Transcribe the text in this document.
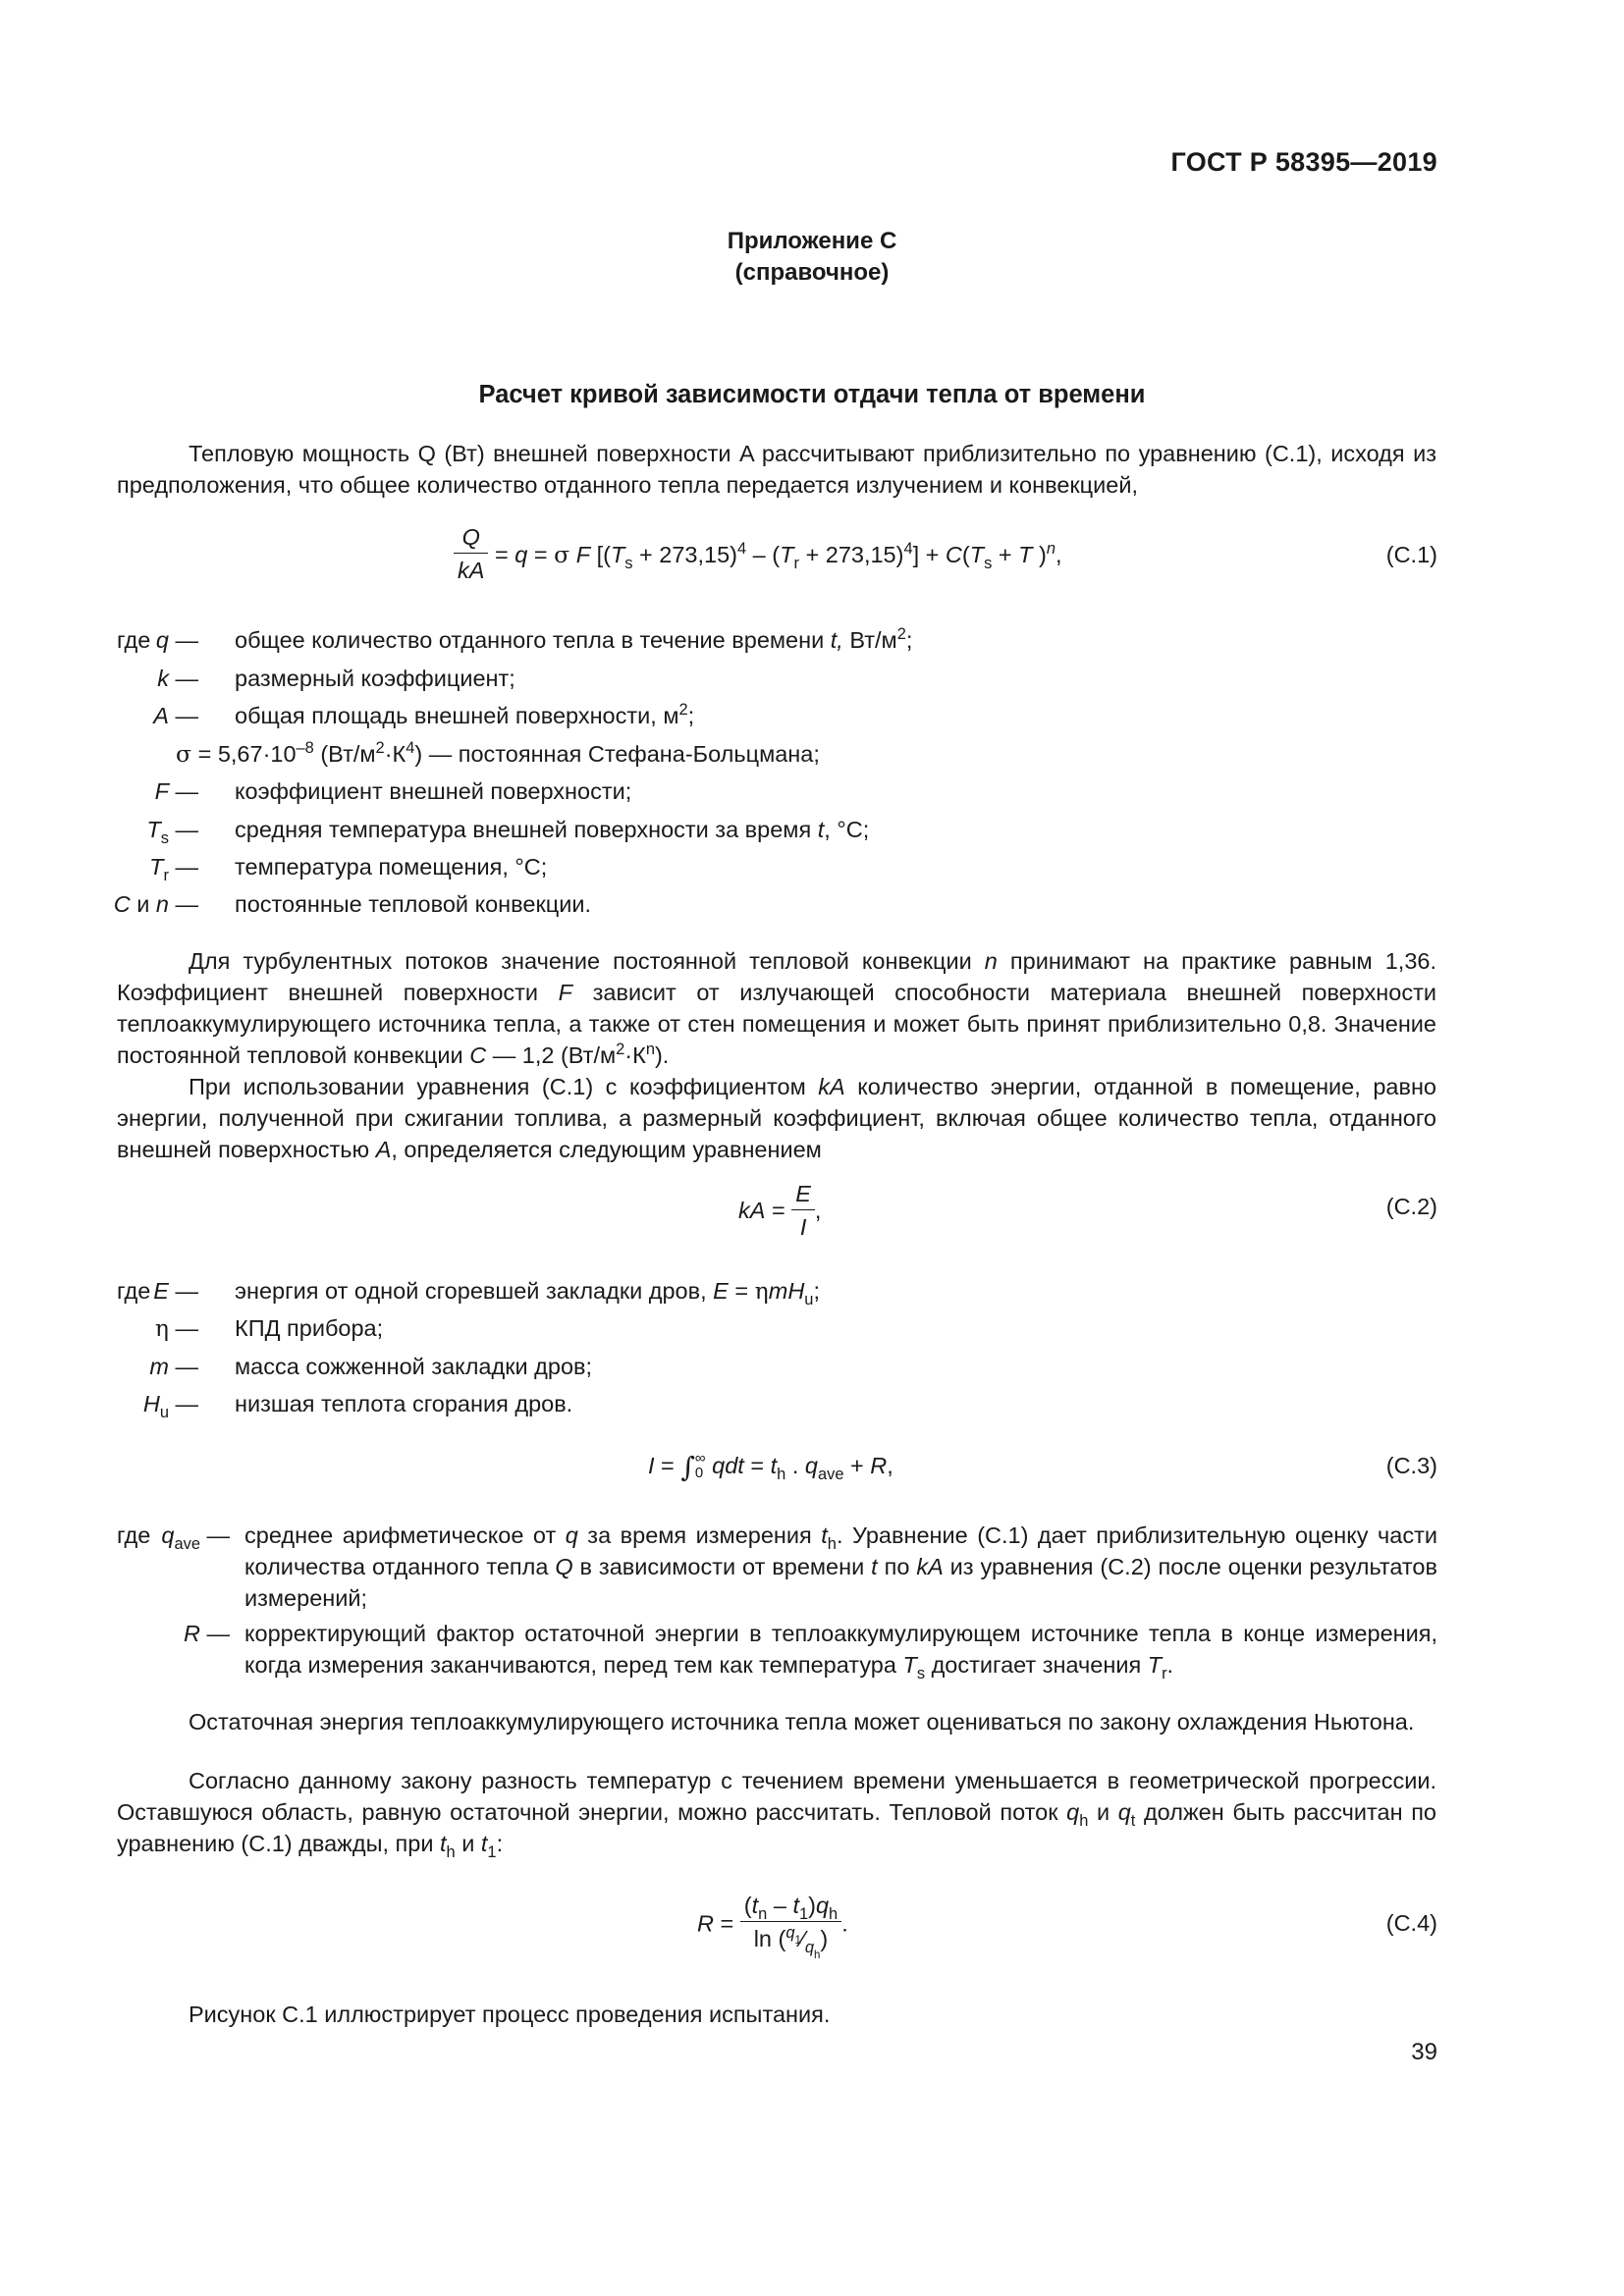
ГОСТ Р 58395—2019
Приложение С
(справочное)
Расчет кривой зависимости отдачи тепла от времени
Тепловую мощность Q (Вт) внешней поверхности A рассчитывают приблизительно по уравнению (С.1), исходя из предположения, что общее количество отданного тепла передается излучением и конвекцией,
$\frac{Q}{kA} = q = \sigma$ F $[(T_s + 273,15)^4 - (T_r + 273,15)^4] + C(T_s + T$ )$^n$,	(С.1)
где q — общее количество отданного тепла в течение времени t, $Вт/м^2$;
k — размерный коэффициент;
A — общая площадь внешней поверхности, $м^2$;
$\sigma = 5,67\cdot 10^{-8}$ $(Вт/м^2\cdot К^4)$ — постоянная Стефана-Больцмана;
F — коэффициент внешней поверхности;
$T_s$ — средняя температура внешней поверхности за время t, °С;
$T_r$ — температура помещения, °С;
C и n — постоянные тепловой конвекции.
Для турбулентных потоков значение постоянной тепловой конвекции n принимают на практике равным 1,36. Коэффициент внешней поверхности F зависит от излучающей способности материала внешней поверхности теплоаккумулирующего источника тепла, а также от стен помещения и может быть принят приблизительно 0,8. Значение постоянной тепловой конвекции C — 1,2 $(Вт/м^2\cdot К^n)$.
При использовании уравнения (С.1) с коэффициентом kA количество энергии, отданной в помещение, равно энергии, полученной при сжигании топлива, а размерный коэффициент, включая общее количество тепла, отданного внешней поверхностью A, определяется следующим уравнением
kA = $\frac{E}{I}$ ,	(С.2)
где E — энергия от одной сгоревшей закладки дров, E = ηmH$_u$;
η — КПД прибора;
m — масса сожженной закладки дров;
$H_u$ — низшая теплота сгорания дров.
I = ∫ ∞
0 qdt = $t_h$ . $q_{ave} + R$,	(С.3)
где $q_{ave}$ — среднее арифметическое от q за время измерения $t_h$. Уравнение (С.1) дает приблизительную оценку части количества отданного тепла Q в зависимости от времени t по kA из уравнения (С.2) после оценки результатов измерений;
R — корректирующий фактор остаточной энергии в теплоаккумулирующем источнике тепла в конце измерения, когда измерения заканчиваются, перед тем как температура $T_s$ достигает значения $T_r$.
Остаточная энергия теплоаккумулирующего источника тепла может оцениваться по закону охлаждения Ньютона.
Согласно данному закону разность температур с течением времени уменьшается в геометрической прогрессии. Оставшуюся область, равную остаточной энергии, можно рассчитать. Тепловой поток $q_h$ и $q_t$ должен быть рассчитан по уравнению (С.1) дважды, при $t_h$ и $t_1$:
$R = \frac{(t_n - t_1)q_h}{\ln (^{q_1}⁄_{q_h})}$ .	(С.4)
Рисунок С.1 иллюстрирует процесс проведения испытания.
39
